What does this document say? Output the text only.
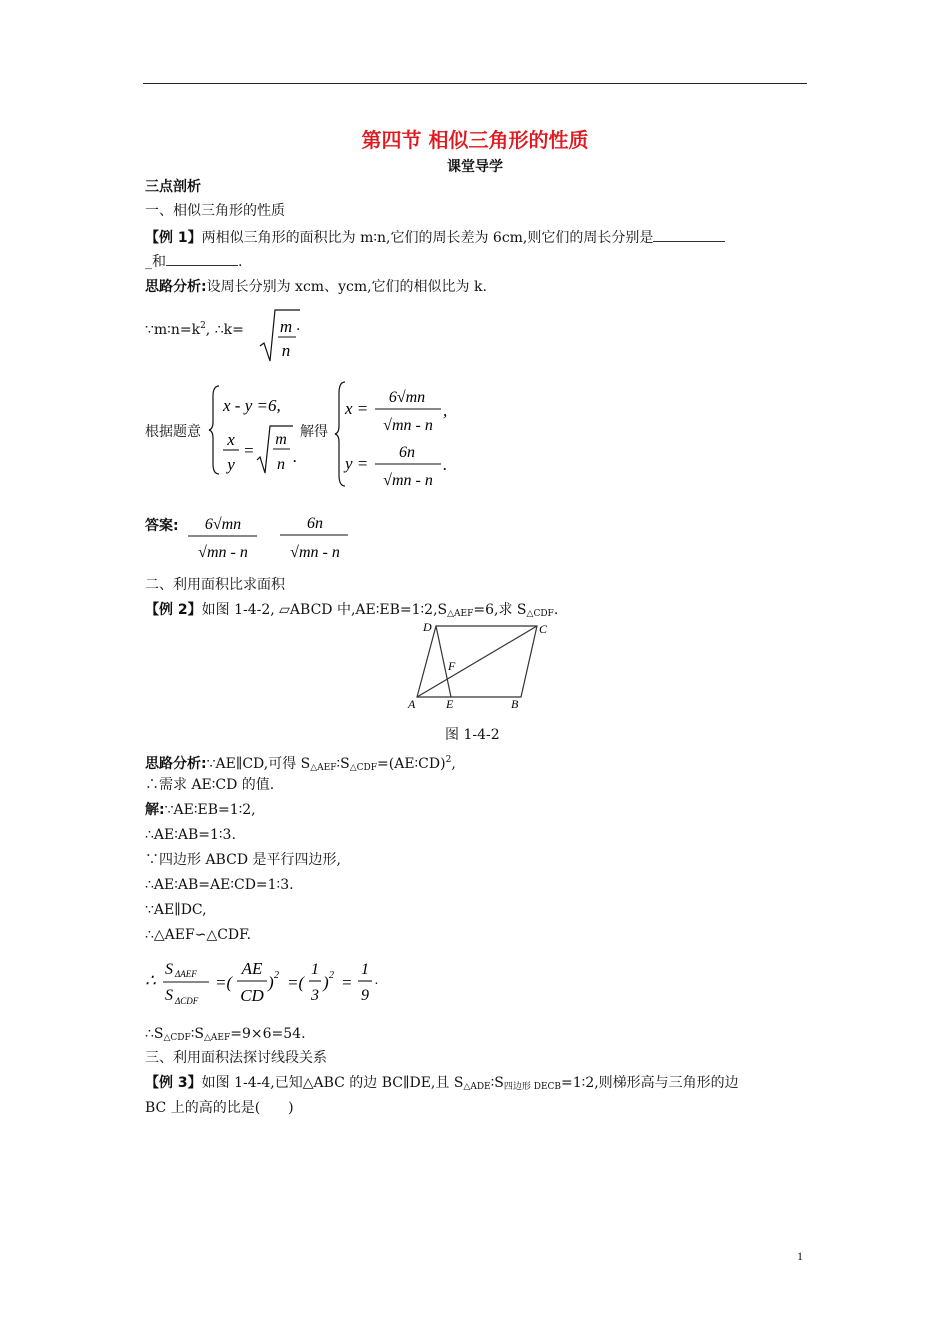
第四节 相似三角形的性质
课堂导学
三点剖析
一、相似三角形的性质
【例 1】两相似三角形的面积比为 m∶n,它们的周长差为 6cm,则它们的周长分别是
_和	.
思路分析:设周长分别为 xcm、ycm,它们的相似比为 k.
$\because m∶n=k^2$, ∴k= m
n
.
根据题意
x - y =6,
x
y
=
m
n .
解得
x =
6√mn
√mn - n
,
y =
6n
√mn - n
.
答案: 6√mn
√mn - n
6n
√mn - n
二、利用面积比求面积
【例 2】如图 1-4-2, ▱ABCD 中$,AE∶EB=1∶2,S_{\triangle AEF}=6$,求 $S_{\triangle CDF}$.
A	E	B
C
D
F
图 1-4-2
思路分析:∵AE∥CD,可得 $S_{\triangle AEF}∶S_{\triangle CDF}=(AE∶CD)^2$,
∴需求 AE∶CD 的值.
解:∵AE∶EB=1∶2,
∴AE∶AB=1∶3.
∵四边形 ABCD 是平行四边形,
∴AE∶AB=AE∶CD=1∶3.
∵AE∥DC,
∴△AEF∽△CDF.
∴
S ΔAEF
S ΔCDF
=(
AE
CD
) 2 =(
1
3
) 2 =
1
9
.
$\therefore S_{\triangle CDF}∶S_{\triangle AEF}=9\times 6=54$.
三、利用面积法探讨线段关系
【例 3】如图 1-4-4,已知△ABC 的边 BC∥DE,且 $S_{\triangle ADE}∶S_{四边形 DECB}=1∶2$,则梯形高与三角形的边
BC 上的高的比是(　　)
1
